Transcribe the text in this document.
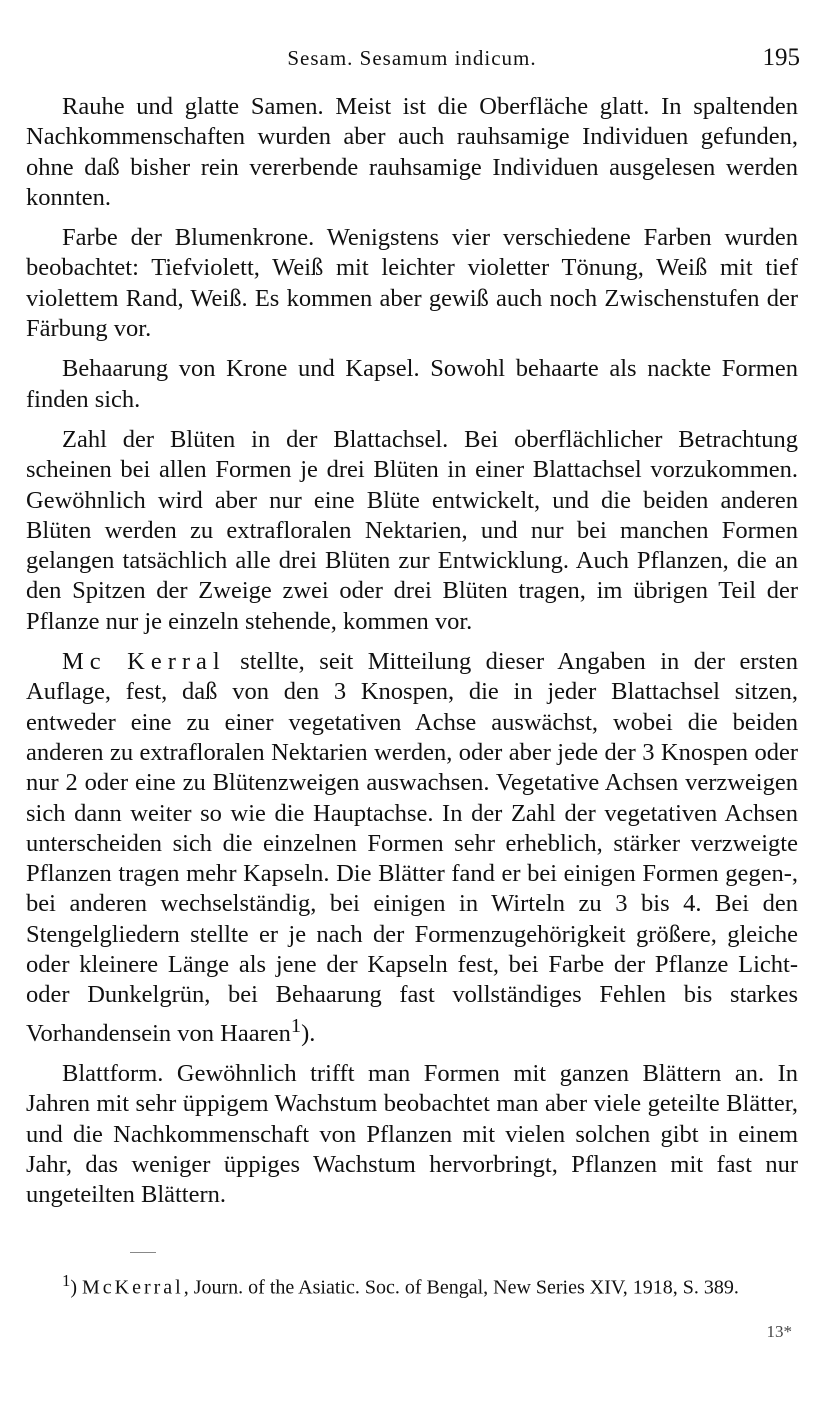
Sesam. Sesamum indicum.	195

Rauhe und glatte Samen. Meist ist die Oberfläche glatt. In spaltenden Nachkommenschaften wurden aber auch rauhsamige Individuen gefunden, ohne daß bisher rein vererbende rauhsamige Individuen ausgelesen werden konnten.

Farbe der Blumenkrone. Wenigstens vier verschiedene Farben wurden beobachtet: Tiefviolett, Weiß mit leichter violetter Tönung, Weiß mit tief violettem Rand, Weiß. Es kommen aber gewiß auch noch Zwischenstufen der Färbung vor.

Behaarung von Krone und Kapsel. Sowohl behaarte als nackte Formen finden sich.

Zahl der Blüten in der Blattachsel. Bei oberflächlicher Betrachtung scheinen bei allen Formen je drei Blüten in einer Blattachsel vorzukommen. Gewöhnlich wird aber nur eine Blüte entwickelt, und die beiden anderen Blüten werden zu extrafloralen Nektarien, und nur bei manchen Formen gelangen tatsächlich alle drei Blüten zur Entwicklung. Auch Pflanzen, die an den Spitzen der Zweige zwei oder drei Blüten tragen, im übrigen Teil der Pflanze nur je einzeln stehende, kommen vor.

Mc Kerral stellte, seit Mitteilung dieser Angaben in der ersten Auflage, fest, daß von den 3 Knospen, die in jeder Blattachsel sitzen, entweder eine zu einer vegetativen Achse auswächst, wobei die beiden anderen zu extrafloralen Nektarien werden, oder aber jede der 3 Knospen oder nur 2 oder eine zu Blütenzweigen auswachsen. Vegetative Achsen verzweigen sich dann weiter so wie die Hauptachse. In der Zahl der vegetativen Achsen unterscheiden sich die einzelnen Formen sehr erheblich, stärker verzweigte Pflanzen tragen mehr Kapseln. Die Blätter fand er bei einigen Formen gegen-, bei anderen wechselständig, bei einigen in Wirteln zu 3 bis 4. Bei den Stengelgliedern stellte er je nach der Formenzugehörigkeit größere, gleiche oder kleinere Länge als jene der Kapseln fest, bei Farbe der Pflanze Licht- oder Dunkelgrün, bei Behaarung fast vollständiges Fehlen bis starkes Vorhandensein von Haaren$^1$).

Blattform. Gewöhnlich trifft man Formen mit ganzen Blättern an. In Jahren mit sehr üppigem Wachstum beobachtet man aber viele geteilte Blätter, und die Nachkommenschaft von Pflanzen mit vielen solchen gibt in einem Jahr, das weniger üppiges Wachstum hervorbringt, Pflanzen mit fast nur ungeteilten Blättern.

$^1$) McKerral, Journ. of the Asiatic. Soc. of Bengal, New Series XIV, 1918, S. 389.
13*
